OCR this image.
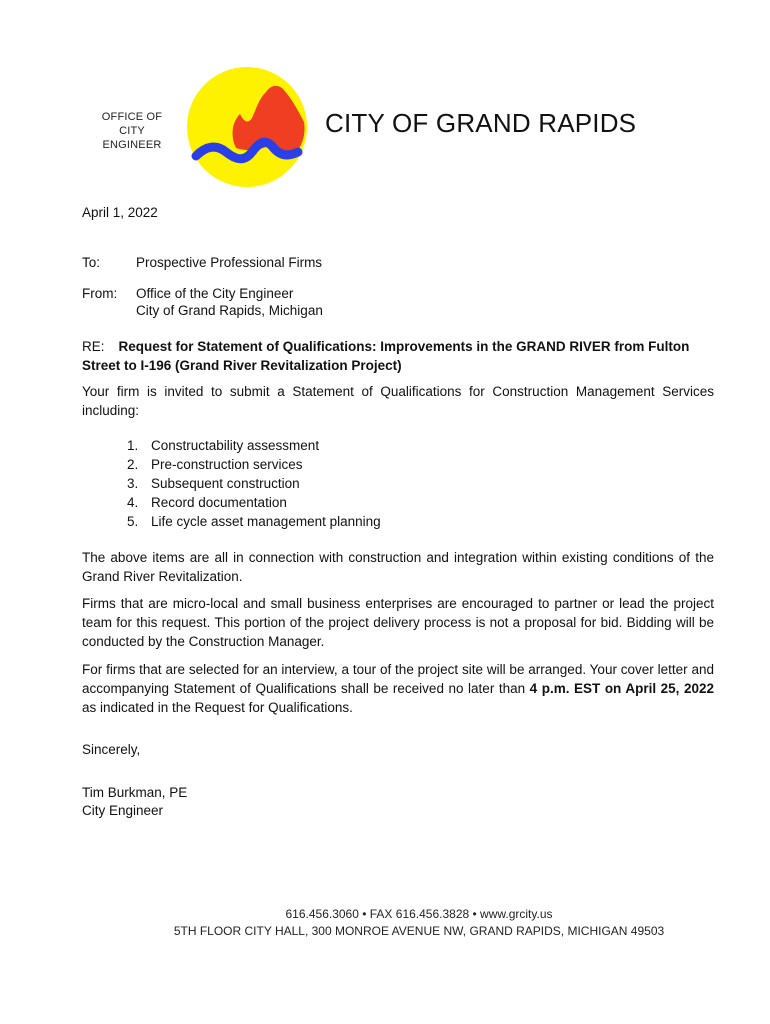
OFFICE OF
CITY
ENGINEER
CITY OF GRAND RAPIDS
April 1, 2022
To:	Prospective Professional Firms
From: Office of the City Engineer
City of Grand Rapids, Michigan
RE: Request for Statement of Qualifications: Improvements in the GRAND RIVER from Fulton Street to I-196 (Grand River Revitalization Project)
Your firm is invited to submit a Statement of Qualifications for Construction Management Services including:
1. Constructability assessment
2. Pre-construction services
3. Subsequent construction
4. Record documentation
5. Life cycle asset management planning
The above items are all in connection with construction and integration within existing conditions of the Grand River Revitalization.
Firms that are micro-local and small business enterprises are encouraged to partner or lead the project team for this request. This portion of the project delivery process is not a proposal for bid. Bidding will be conducted by the Construction Manager.
For firms that are selected for an interview, a tour of the project site will be arranged. Your cover letter and accompanying Statement of Qualifications shall be received no later than 4 p.m. EST on April 25, 2022 as indicated in the Request for Qualifications.
Sincerely,
Tim Burkman, PE
City Engineer
616.456.3060 • FAX 616.456.3828 • www.grcity.us
5TH FLOOR CITY HALL, 300 MONROE AVENUE NW, GRAND RAPIDS, MICHIGAN 49503
